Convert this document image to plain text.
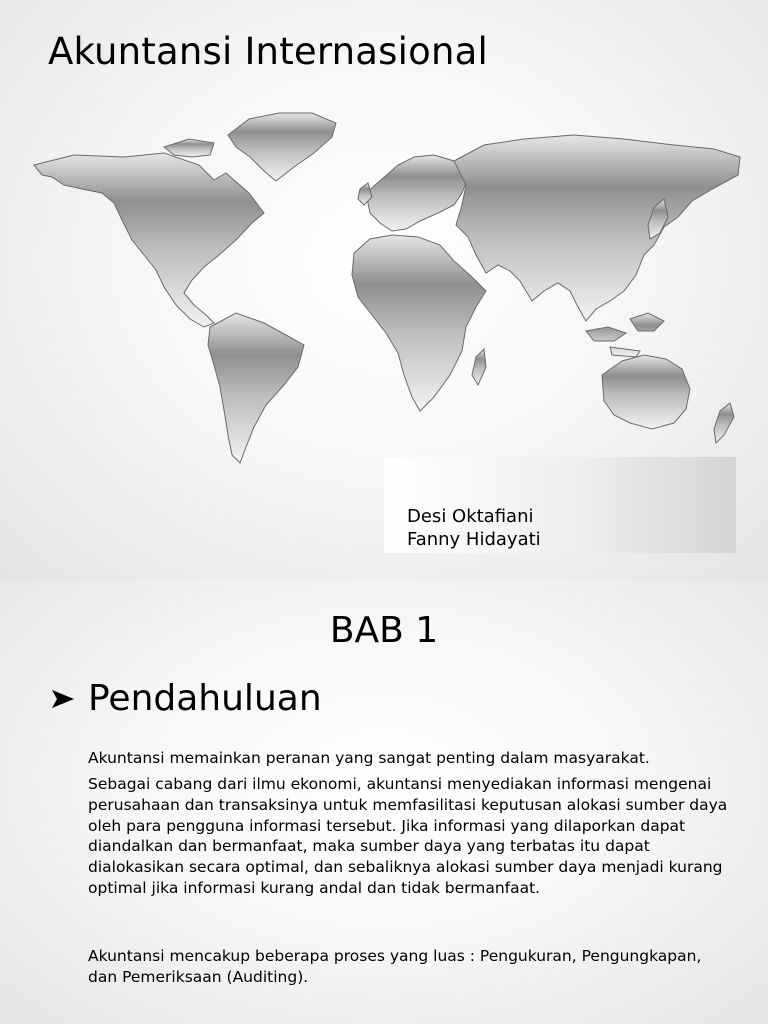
Akuntansi Internasional
Desi Oktafiani
Fanny Hidayati
BAB 1
Pendahuluan

Akuntansi memainkan peranan yang sangat penting dalam masyarakat.

Sebagai cabang dari ilmu ekonomi, akuntansi menyediakan informasi mengenai perusahaan dan transaksinya untuk memfasilitasi keputusan alokasi sumber daya oleh para pengguna informasi tersebut. Jika informasi yang dilaporkan dapat diandalkan dan bermanfaat, maka sumber daya yang terbatas itu dapat dialokasikan secara optimal, dan sebaliknya alokasi sumber daya menjadi kurang optimal jika informasi kurang andal dan tidak bermanfaat.

Akuntansi mencakup beberapa proses yang luas : Pengukuran, Pengungkapan, dan Pemeriksaan (Auditing).
